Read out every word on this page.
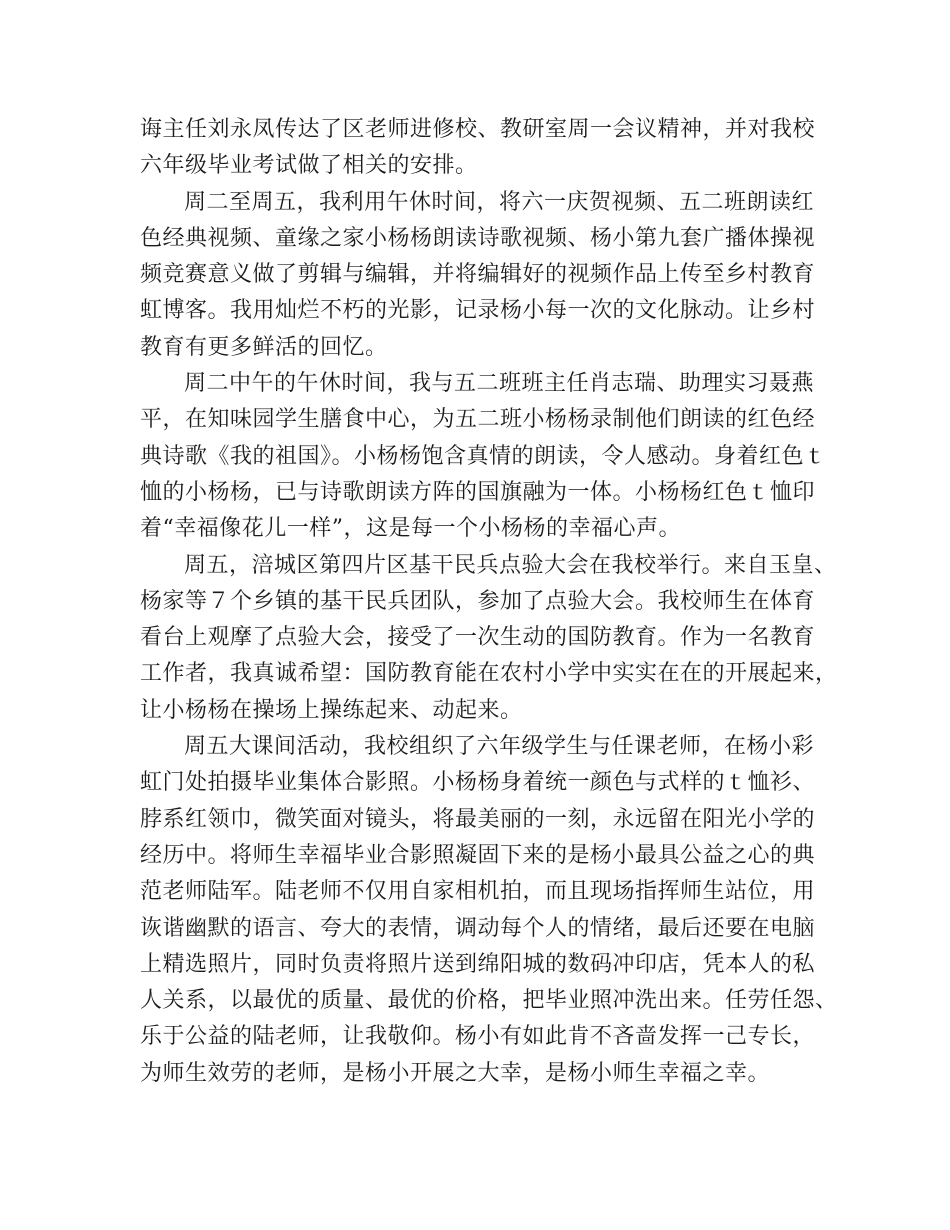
诲主任刘永凤传达了区老师进修校、教研室周一会议精神，并对我校
六年级毕业考试做了相关的安排。
周二至周五，我利用午休时间，将六一庆贺视频、五二班朗读红
色经典视频、童缘之家小杨杨朗读诗歌视频、杨小第九套广播体操视
频竞赛意义做了剪辑与编辑，并将编辑好的视频作品上传至乡村教育
虹博客。我用灿烂不朽的光影，记录杨小每一次的文化脉动。让乡村
教育有更多鲜活的回忆。
周二中午的午休时间，我与五二班班主任肖志瑞、助理实习聂燕
平，在知味园学生膳食中心，为五二班小杨杨录制他们朗读的红色经
典诗歌《我的祖国》。小杨杨饱含真情的朗读，令人感动。身着红色ｔ
恤的小杨杨，已与诗歌朗读方阵的国旗融为一体。小杨杨红色ｔ恤印
着“幸福像花儿一样”，这是每一个小杨杨的幸福心声。
周五，涪城区第四片区基干民兵点验大会在我校举行。来自玉皇、
杨家等７个乡镇的基干民兵团队，参加了点验大会。我校师生在体育
看台上观摩了点验大会，接受了一次生动的国防教育。作为一名教育
工作者，我真诚希望：国防教育能在农村小学中实实在在的开展起来，
让小杨杨在操场上操练起来、动起来。
周五大课间活动，我校组织了六年级学生与任课老师，在杨小彩
虹门处拍摄毕业集体合影照。小杨杨身着统一颜色与式样的ｔ恤衫、
脖系红领巾，微笑面对镜头，将最美丽的一刻，永远留在阳光小学的
经历中。将师生幸福毕业合影照凝固下来的是杨小最具公益之心的典
范老师陆军。陆老师不仅用自家相机拍，而且现场指挥师生站位，用
诙谐幽默的语言、夸大的表情，调动每个人的情绪，最后还要在电脑
上精选照片，同时负责将照片送到绵阳城的数码冲印店，凭本人的私
人关系，以最优的质量、最优的价格，把毕业照冲洗出来。任劳任怨、
乐于公益的陆老师，让我敬仰。杨小有如此肯不吝啬发挥一己专长，
为师生效劳的老师，是杨小开展之大幸，是杨小师生幸福之幸。
